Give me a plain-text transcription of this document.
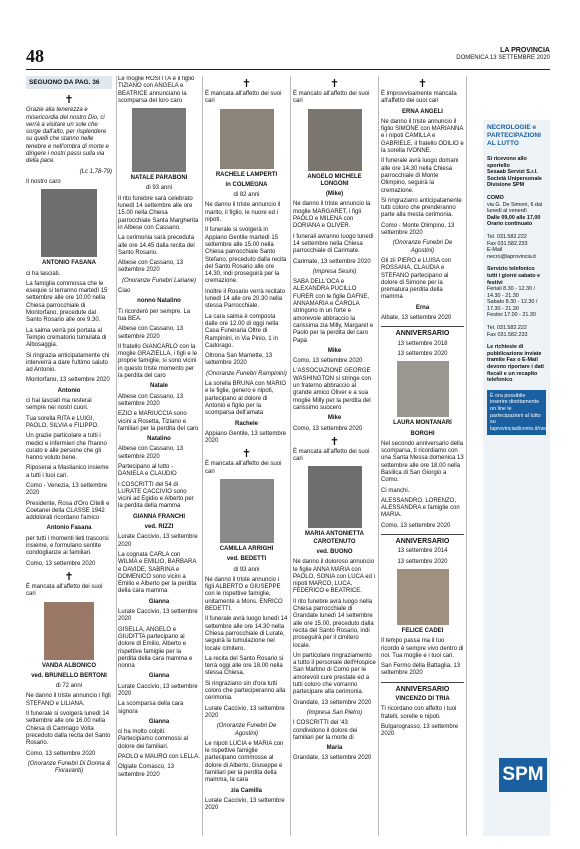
48	LA PROVINCIA
DOMENICA 13 SETTEMBRE 2020
SEGUONO DA PAG. 36
✝

Grazie alla tenerezza e misericordia del nostro Dio, ci verrà a visitare un sole che sorge dall'alto, per risplendere su quelli che stanno nelle tenebre e nell'ombra di morte e dirigere i nostri passi sulla via della pace.

(Lc 1,78-79)

Il nostro caro

ANTONIO FASANA

ci ha lasciati.

La famiglia commossa che le esequie si terranno martedì 15 settembre alle ore 10.00 nella Chiesa parrocchiale di Montorfano, precedute dal Santo Rosario alle ore 9.30.

La salma verrà poi portata al Tempio crematorio tumulata di Albosaggia.

Si ringrazia anticipatamente chi interverrà a dare l'ultimo saluto ad Antonio.

Montorfano, 13 settembre 2020

Antonio

ci hai lasciati ma resterai sempre nei nostri cuori.

Tua sorella RITA e LUIGI, PAOLO, SILVIA e FILIPPO.

Un grazie particolare a tutti i medici e infermieri che l'hanno curato e alle persone che gli hanno voluto bene.

Riposerai a Maslianico insieme a tutti i tuoi cari.

Como - Venezia, 13 settembre 2020

Presidente, Rosa d'Oro Citelli e Coetanei della CLASSE 1942 addolorati ricordano l'amico

Antonio Fasana

per tutti i momenti lieti trascorsi insieme, e formulano sentite condoglianze ai familiari.

Como, 13 settembre 2020

✝

È mancata all'affetto dei suoi cari

VANDA ALBONICO

ved. BRUNELLO BERTONI

di 72 anni

Ne danno il triste annuncio i figli STEFANO e LILIANA.

Il funerale si svolgerà lunedì 14 settembre alle ore 16.00 nella Chiesa di Camnago Volta preceduto dalla recita del Santo Rosario.

Como, 13 settembre 2020

(Onoranze Funebri Di Donna & Fioravanti)

Le moglie ROSITTA e il figlio TIZIANO con ANGELA e BEATRICE annunciano la scomparsa del loro caro

NATALE PARABONI

di 93 anni

Il rito funebre sarà celebrato lunedì 14 settembre alle ore 15.00 nella Chiesa parrocchiale Santa Margherita in Albese con Cassano.

La cerimonia sarà preceduta alle ore 14.45 dalla recita del Santo Rosario.

Albese con Cassano, 13 settembre 2020

(Onoranze Funebri Lariane)

Ciao

nonno Natalino

Ti ricorderò per sempre. La tua BEA.

Albese con Cassano, 13 settembre 2020

Il fratello GIANCARLO con la moglie GRAZIELLA, i figli e le proprie famiglie, si sono vicini in questo triste momento per la perdita del caro

Natale

Albese con Cassano, 13 settembre 2020

EZIO e MARIUCCIA sono vicini a Rosetta, Tiziano e familiari per la perdita del caro

Natalino

Albese con Cassano, 13 settembre 2020

Partecipano al lutto - DANIELA e CLAUDIO

I COSCRITTI del 54 di LURATE CACCIVIO sono vicini ad Egidio e Alberto per la perdita della mamma

GIANNA FRANCHI

ved. RIZZI

Lurate Caccivio, 13 settembre 2020

La cognata CARLA con WILMA e EMILIO, BARBARA e DAVIDE, SABRINA e DOMENICO sono vicini a Emilio e Alberto per la perdita della cara mamma

Gianna

Lurate Caccivio, 13 settembre 2020

GISELLA, ANGELO e GIUDITTA partecipano al dolore di Emilio, Alberto e rispettive famiglie per la perdita della cara mamma e nonna

Gianna

Lurate Caccivio, 13 settembre 2020

La scomparsa della cara signora

Gianna

ci ha molto colpiti. Partecipiamo commossi al dolore dei familiari.

PAOLO e MAURO con LELLA.

Olgiate Comasco, 13 settembre 2020

✝

È mancata all'affetto dei suoi cari

RACHELE LAMPERTI

in COLMEGNA

di 82 anni

Ne danno il triste annuncio il marito, il figlio, le nuore ed i nipoti.

Il funerale si svolgerà in Appiano Gentile martedì 15 settembre alle 15.00 nella Chiesa parrocchiale Santo Stefano, preceduto dalla recita del Santo Rosario alle ore 14.30, indi proseguirà per la cremazione.

Inoltre il Rosario verrà recitato lunedì 14 alle ore 20.30 nella stessa Parrocchiale.

La cara salma è composta dalle ore 12.00 di oggi nella Casa Funeraria Oltre di Rampinini, in Via Pinio, 1 in Cadorago.

Oltrona San Mamette, 13 settembre 2020

(Onoranze Funebri Rampinini)

La sorella BRUNA con MARIO e le figlie, genero e nipoti, partecipano al dolore di Antonio e figlio per la scomparsa dell'amata

Rachele

Appiano Gentile, 13 settembre 2020

✝

È mancata all'affetto dei suoi cari

CAMILLA ARRIGHI

ved. BEDETTI

di 93 anni

Ne danno il triste annuncio i figli ALBERTO e GIUSEPPE con le rispettive famiglie, unitamente a Mons. ENRICO BEDETTI.

Il funerale avrà luogo lunedì 14 settembre alle ore 14.30 nella Chiesa parrocchiale di Lurate, seguirà la tumulazione nel locale cimitero.

La recita del Santo Rosario si terrà oggi alle ore 18.00 nella stessa Chiesa.

Si ringraziano sin d'ora tutti coloro che parteciperanno alla cerimonia.

Lurate Caccivio, 13 settembre 2020

(Onoranze Funebri De Agostini)

Le nipoti LUCIA e MARIA con le rispettive famiglie partecipano commosse al dolore di Alberto, Giuseppe e familiari per la perdita della mamma, la cara

zia Camilla

Lurate Caccivio, 13 settembre 2020

✝

È mancato all'affetto dei suoi cari

ANGELO MICHELE LONGONI

(Mike)

Ne danno il triste annuncio la moglie MARGARET, i figli PAOLO e MILENA con DORIANA e OLIVER.

I funerali avranno luogo lunedì 14 settembre nella Chiesa parrocchiale di Carimate.

Carimate, 13 settembre 2020

(Impresa Sesini)

SABA DELL'OCA e ALEXANDRA PUCILLO FURER con le figlie DAFNE, ANNAMARIA e CAROLA stringono in un forte e amorevole abbraccio la carissima zia Milly, Margaret e Paolo per la perdita del caro Papà

Mike

Como, 13 settembre 2020

L'ASSOCIAZIONE GEORGE WASHINGTON si stringe con un fraterno abbraccio al grande amico Oliver e a sua moglie Milly per la perdita del carissimo suocero

Mike

Como, 13 settembre 2020

✝

È mancata all'affetto dei suoi cari

MARIA ANTONIETTA CAROTENUTO

ved. BUONO

Ne danno il doloroso annuncio le figlie ANNA MARIA con PAOLO, SONIA con LUCA ed i nipoti MARCO, LUCA, FEDERICO e BEATRICE.

Il rito funebre avrà luogo nella Chiesa parrocchiale di Grandate lunedì 14 settembre alle ore 15.00, preceduto dalla recita del Santo Rosario, indi proseguirà per il cimitero locale.

Un particolare ringraziamento a tutto il personale dell'Hospice San Martino di Como per le amorevoli cure prestate ed a tutti coloro che vorranno partecipare alla cerimonia.

Grandate, 13 settembre 2020

(Impresa San Pietro)

I COSCRITTI del '43 condividono il dolore dei familiari per la morte di

Maria

Grandate, 13 settembre 2020

✝

È improvvisamente mancata all'affetto dei suoi cari

ERNA ANGELI

Ne danno il triste annuncio il figlio SIMONE con MARIANNA e i nipoti CAMILLA e GABRIELE, il fratello ODILIO e la sorella IVONNE.

Il funerale avrà luogo domani alle ore 14.30 nella Chiesa parrocchiale di Monte Olimpino, seguirà la cremazione.

Si ringraziano anticipatamente tutti coloro che prenderanno parte alla mesta cerimonia.

Como - Monte Olimpino, 13 settembre 2020

(Onoranze Funebri De Agostini)

Gli zii PIERO e LUISA con ROSSANA, CLAUDIA e STEFANO partecipano al dolore di Simone per la prematura perdita della mamma

Erna

Albate, 13 settembre 2020

ANNIVERSARIO

13 settembre 2018

13 settembre 2020

LAURA MONTANARI

BORGHI

Nel secondo anniversario della scomparsa, ti ricordiamo con una Santa Messa domenica 13 settembre alle ore 18.00 nella Basilica di San Giorgio a Como.

Ci manchi.

ALESSANDRO, LORENZO, ALESSANDRA e famiglie con MARIA.

Como, 13 settembre 2020

ANNIVERSARIO

13 settembre 2014

13 settembre 2020

FELICE CADEI

Il tempo passa ma il tuo ricordo è sempre vivo dentro di noi. Tua moglie e i tuoi cari.

San Fermo della Battaglia, 13 settembre 2020

ANNIVERSARIO

VINCENZO DI TRIA

Ti ricordano con affetto i tuoi fratelli, sorelle e nipoti.

Bulgarograsso, 13 settembre 2020

NECROLOGIE e PARTECIPAZIONI AL LUTTO

Si ricevono allo sportello
Sesaab Servizi S.r.l.
Società Unipersonale Divisione SPM

COMO
via G. De Simoni, 6 dal lunedì al venerdì
Dalle 09,00 alle 17,00
Orario continuato

Tel. 031.582.222
Fax 031.582.233
E-Mail necro@laprovincia.it

Servizio telefonico tutti i giorni sabato e festivi
Feriali 8.30 - 12.30 / 14.30 - 21.30
Sabato 8.30 - 12.30 / 17.30 - 21.30
Festivi 17.00 - 21.30

Tel. 031.582.222
Fax 031.582.233

Le richieste di pubblicazione inviate tramite Fax o E-Mail devono riportare i dati fiscali e un recapito telefonico

È ora possibile inserire direttamente on line le partecipazioni al lutto su laprovinciadicomo.it/necrologie

SPM
